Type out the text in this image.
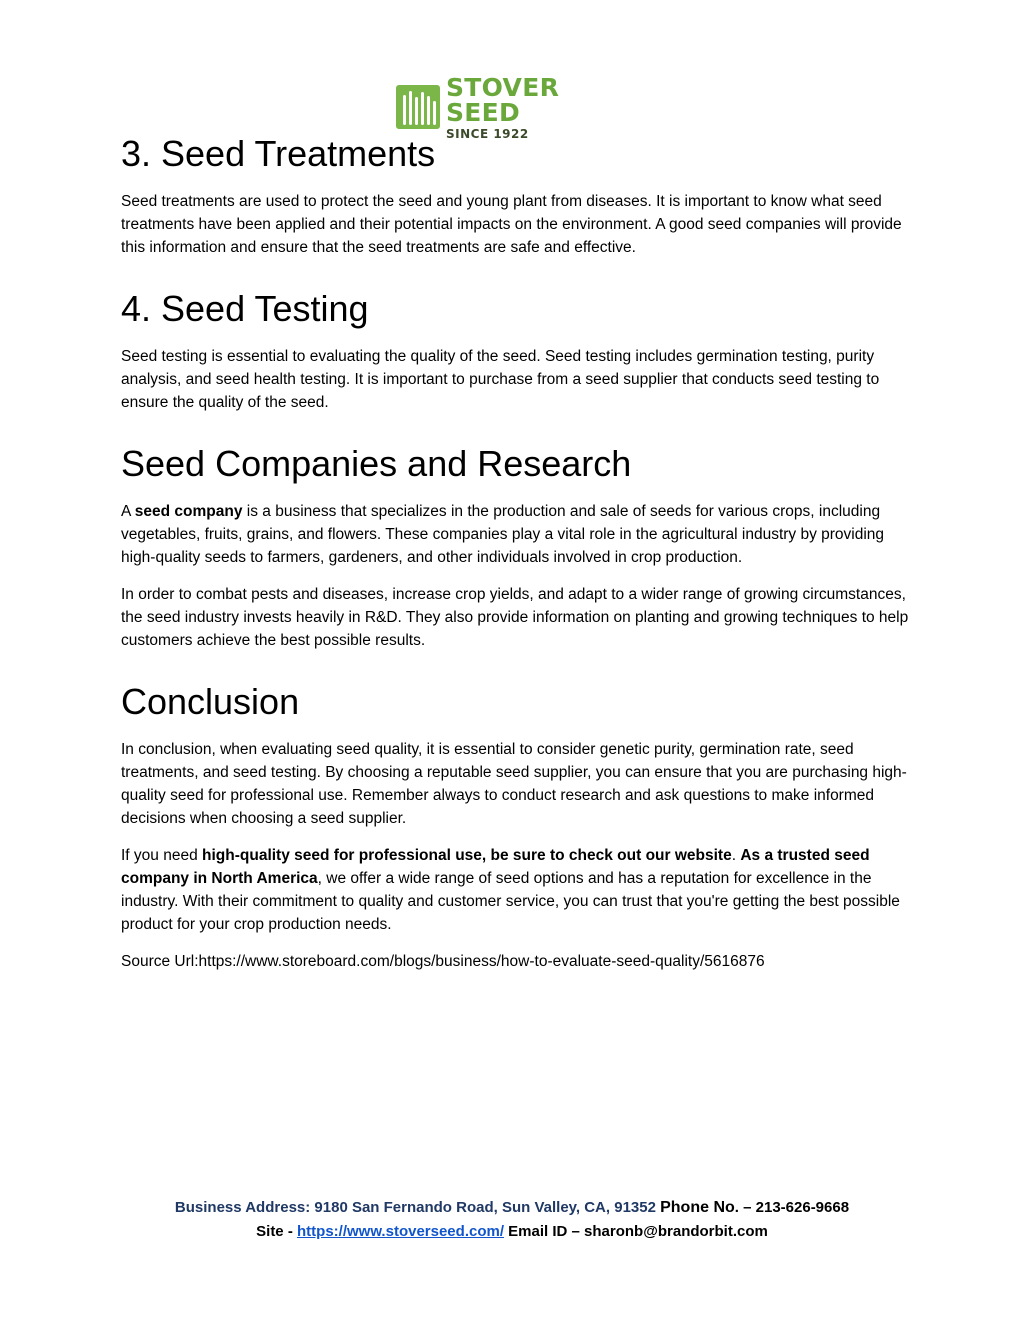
STOVER SEED
SINCE 1922
3. Seed Treatments

Seed treatments are used to protect the seed and young plant from diseases. It is important to know what seed treatments have been applied and their potential impacts on the environment. A good seed companies will provide this information and ensure that the seed treatments are safe and effective.

4. Seed Testing

Seed testing is essential to evaluating the quality of the seed. Seed testing includes germination testing, purity analysis, and seed health testing. It is important to purchase from a seed supplier that conducts seed testing to ensure the quality of the seed.

Seed Companies and Research

A seed company is a business that specializes in the production and sale of seeds for various crops, including vegetables, fruits, grains, and flowers. These companies play a vital role in the agricultural industry by providing high-quality seeds to farmers, gardeners, and other individuals involved in crop production.

In order to combat pests and diseases, increase crop yields, and adapt to a wider range of growing circumstances, the seed industry invests heavily in R&D. They also provide information on planting and growing techniques to help customers achieve the best possible results.

Conclusion

In conclusion, when evaluating seed quality, it is essential to consider genetic purity, germination rate, seed treatments, and seed testing. By choosing a reputable seed supplier, you can ensure that you are purchasing high-quality seed for professional use. Remember always to conduct research and ask questions to make informed decisions when choosing a seed supplier.

If you need high-quality seed for professional use, be sure to check out our website. As a trusted seed company in North America, we offer a wide range of seed options and has a reputation for excellence in the industry. With their commitment to quality and customer service, you can trust that you're getting the best possible product for your crop production needs.

Source Url:https://www.storeboard.com/blogs/business/how-to-evaluate-seed-quality/5616876
Business Address: 9180 San Fernando Road, Sun Valley, CA, 91352 Phone No. – 213-626-9668
Site - https://www.stoverseed.com/ Email ID – sharonb@brandorbit.com
